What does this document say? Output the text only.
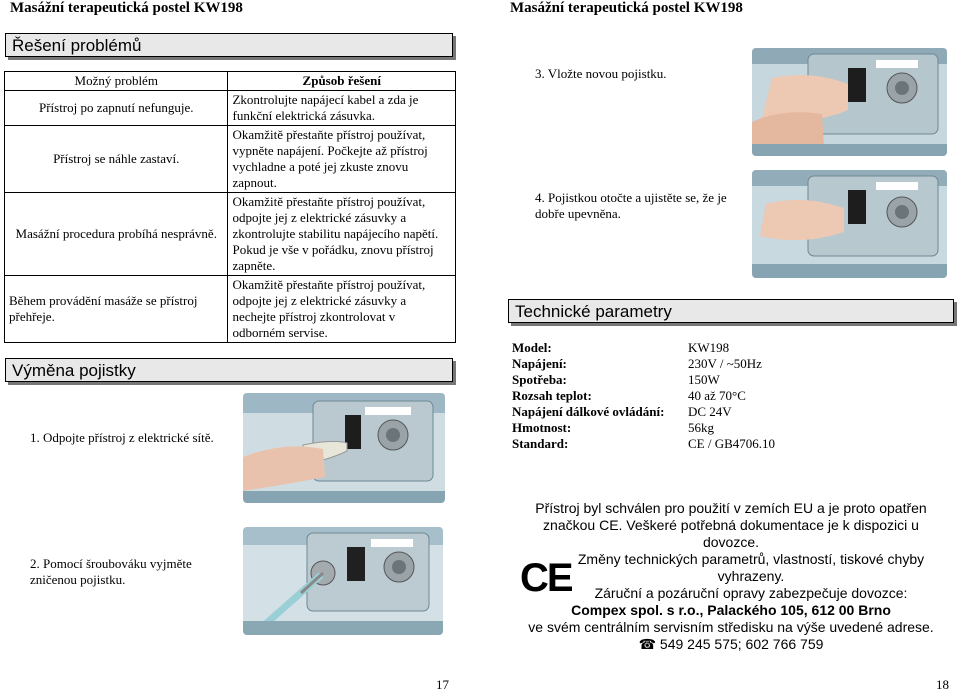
Masážní terapeutická postel KW198
Řešení problémů
Možný problém	Způsob řešení
Přístroj po zapnutí nefunguje.	Zkontrolujte napájecí kabel a zda je funkční elektrická zásuvka.
Přístroj se náhle zastaví.	Okamžitě přestaňte přístroj používat, vypněte napájení. Počkejte až přístroj vychladne a poté jej zkuste znovu zapnout.
Masážní procedura probíhá nesprávně.	Okamžitě přestaňte přístroj používat, odpojte jej z elektrické zásuvky a zkontrolujte stabilitu napájecího napětí. Pokud je vše v pořádku, znovu přístroj zapněte.
Během provádění masáže se přístroj přehřeje.	Okamžitě přestaňte přístroj používat, odpojte jej z elektrické zásuvky a nechejte přístroj zkontrolovat v odborném servise.
Výměna pojistky
1. Odpojte přístroj z elektrické sítě.
2. Pomocí šroubováku vyjměte zničenou pojistku.
17
Masážní terapeutická postel KW198
3. Vložte novou pojistku.
4. Pojistkou otočte a ujistěte se, že je dobře upevněna.
Technické parametry
Model:	KW198
Napájení:	230V / ~50Hz
Spotřeba:	150W
Rozsah teplot:	40 až 70°C
Napájení dálkové ovládání: DC 24V
Hmotnost:	56kg
Standard:	CE / GB4706.10
Přístroj byl schválen pro použití v zemích EU a je proto opatřen
značkou CE. Veškeré potřebná dokumentace je k dispozici u
dovozce.
Změny technických parametrů, vlastností, tiskové chyby
vyhrazeny.
Záruční a pozáruční opravy zabezpečuje dovozce:
Compex spol. s r.o., Palackého 105, 612 00 Brno
ve svém centrálním servisním středisku na výše uvedené adrese.
☎ 549 245 575; 602 766 759
CE
18
